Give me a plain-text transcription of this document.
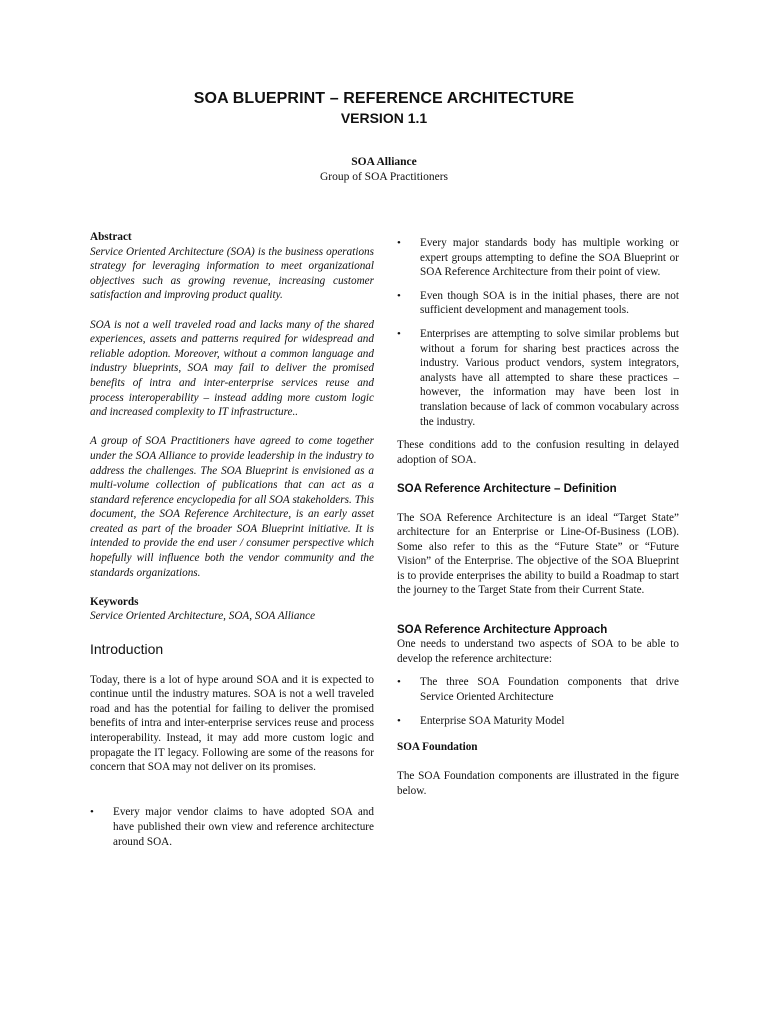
SOA BLUEPRINT – REFERENCE ARCHITECTURE
VERSION 1.1
SOA Alliance
Group of SOA Practitioners

Abstract

Service Oriented Architecture (SOA) is the business operations strategy for leveraging information to meet organizational objectives such as growing revenue, increasing customer satisfaction and improving product quality.

SOA is not a well traveled road and lacks many of the shared experiences, assets and patterns required for widespread and reliable adoption. Moreover, without a common language and industry blueprints, SOA may fail to deliver the promised benefits of intra and inter-enterprise services reuse and process interoperability – instead adding more custom logic and increased complexity to IT infrastructure..

A group of SOA Practitioners have agreed to come together under the SOA Alliance to provide leadership in the industry to address the challenges. The SOA Blueprint is envisioned as a multi-volume collection of publications that can act as a standard reference encyclopedia for all SOA stakeholders. This document, the SOA Reference Architecture, is an early asset created as part of the broader SOA Blueprint initiative. It is intended to provide the end user / consumer perspective which hopefully will influence both the vendor community and the standards organizations.

Keywords

Service Oriented Architecture, SOA, SOA Alliance

Introduction

Today, there is a lot of hype around SOA and it is expected to continue until the industry matures. SOA is not a well traveled road and has the potential for failing to deliver the promised benefits of intra and inter-enterprise services reuse and process interoperability. Instead, it may add more custom logic and propagate the IT legacy. Following are some of the reasons for concern that SOA may not deliver on its promises.

• Every major vendor claims to have adopted SOA and have published their own view and reference architecture around SOA.
• Every major standards body has multiple working or expert groups attempting to define the SOA Blueprint or SOA Reference Architecture from their point of view.
• Even though SOA is in the initial phases, there are not sufficient development and management tools.
• Enterprises are attempting to solve similar problems but without a forum for sharing best practices across the industry. Various product vendors, system integrators, analysts have all attempted to share these practices – however, the information may have been lost in translation because of lack of common vocabulary across the industry.

These conditions add to the confusion resulting in delayed adoption of SOA.

SOA Reference Architecture – Definition

The SOA Reference Architecture is an ideal “Target State” architecture for an Enterprise or Line-Of-Business (LOB). Some also refer to this as the “Future State” or “Future Vision” of the Enterprise. The objective of the SOA Blueprint is to provide enterprises the ability to build a Roadmap to start the journey to the Target State from their Current State.

SOA Reference Architecture Approach

One needs to understand two aspects of SOA to be able to develop the reference architecture:

• The three SOA Foundation components that drive Service Oriented Architecture
• Enterprise SOA Maturity Model

SOA Foundation

The SOA Foundation components are illustrated in the figure below.
